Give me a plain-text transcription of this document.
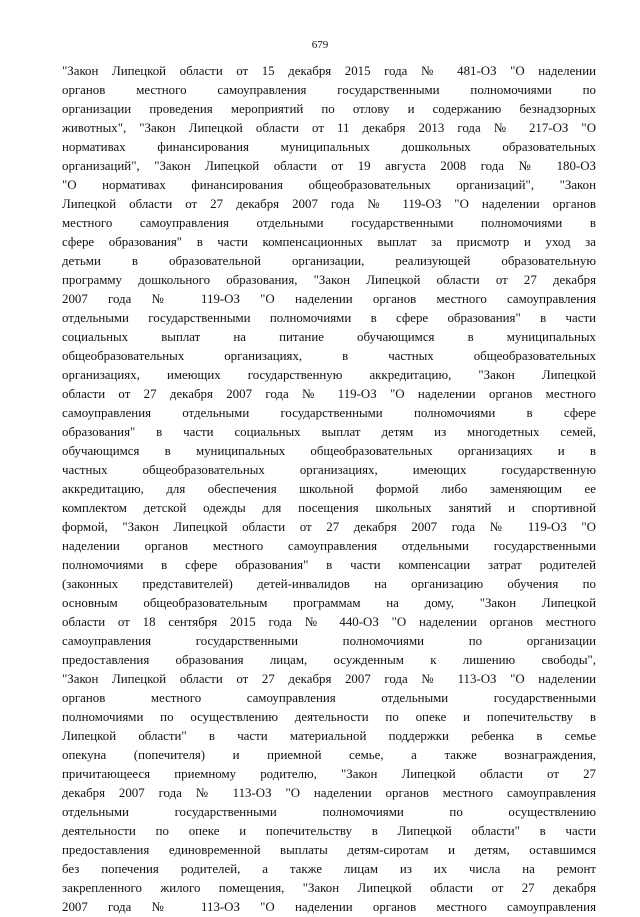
679
"Закон Липецкой области от 15 декабря 2015 года № 481-ОЗ "О наделении
органов местного самоуправления государственными полномочиями по
организации проведения мероприятий по отлову и содержанию безнадзорных
животных", "Закон Липецкой области от 11 декабря 2013 года № 217-ОЗ "О
нормативах финансирования муниципальных дошкольных образовательных
организаций", "Закон Липецкой области от 19 августа 2008 года № 180-ОЗ
"О нормативах финансирования общеобразовательных организаций", "Закон
Липецкой области от 27 декабря 2007 года № 119-ОЗ "О наделении органов
местного самоуправления отдельными государственными полномочиями в
сфере образования" в части компенсационных выплат за присмотр и уход за
детьми в образовательной организации, реализующей образовательную
программу дошкольного образования, "Закон Липецкой области от 27 декабря
2007 года № 119-ОЗ "О наделении органов местного самоуправления
отдельными государственными полномочиями в сфере образования" в части
социальных выплат на питание обучающимся в муниципальных
общеобразовательных организациях, в частных общеобразовательных
организациях, имеющих государственную аккредитацию, "Закон Липецкой
области от 27 декабря 2007 года № 119-ОЗ "О наделении органов местного
самоуправления отдельными государственными полномочиями в сфере
образования" в части социальных выплат детям из многодетных семей,
обучающимся в муниципальных общеобразовательных организациях и в
частных общеобразовательных организациях, имеющих государственную
аккредитацию, для обеспечения школьной формой либо заменяющим ее
комплектом детской одежды для посещения школьных занятий и спортивной
формой, "Закон Липецкой области от 27 декабря 2007 года № 119-ОЗ "О
наделении органов местного самоуправления отдельными государственными
полномочиями в сфере образования" в части компенсации затрат родителей
(законных представителей) детей-инвалидов на организацию обучения по
основным общеобразовательным программам на дому, "Закон Липецкой
области от 18 сентября 2015 года № 440-ОЗ "О наделении органов местного
самоуправления государственными полномочиями по организации
предоставления образования лицам, осужденным к лишению свободы",
"Закон Липецкой области от 27 декабря 2007 года № 113-ОЗ "О наделении
органов местного самоуправления отдельными государственными
полномочиями по осуществлению деятельности по опеке и попечительству в
Липецкой области" в части материальной поддержки ребенка в семье
опекуна (попечителя) и приемной семье, а также вознаграждения,
причитающееся приемному родителю, "Закон Липецкой области от 27
декабря 2007 года № 113-ОЗ "О наделении органов местного самоуправления
отдельными государственными полномочиями по осуществлению
деятельности по опеке и попечительству в Липецкой области" в части
предоставления единовременной выплаты детям-сиротам и детям, оставшимся
без попечения родителей, а также лицам из их числа на ремонт
закрепленного жилого помещения, "Закон Липецкой области от 27 декабря
2007 года № 113-ОЗ "О наделении органов местного самоуправления
